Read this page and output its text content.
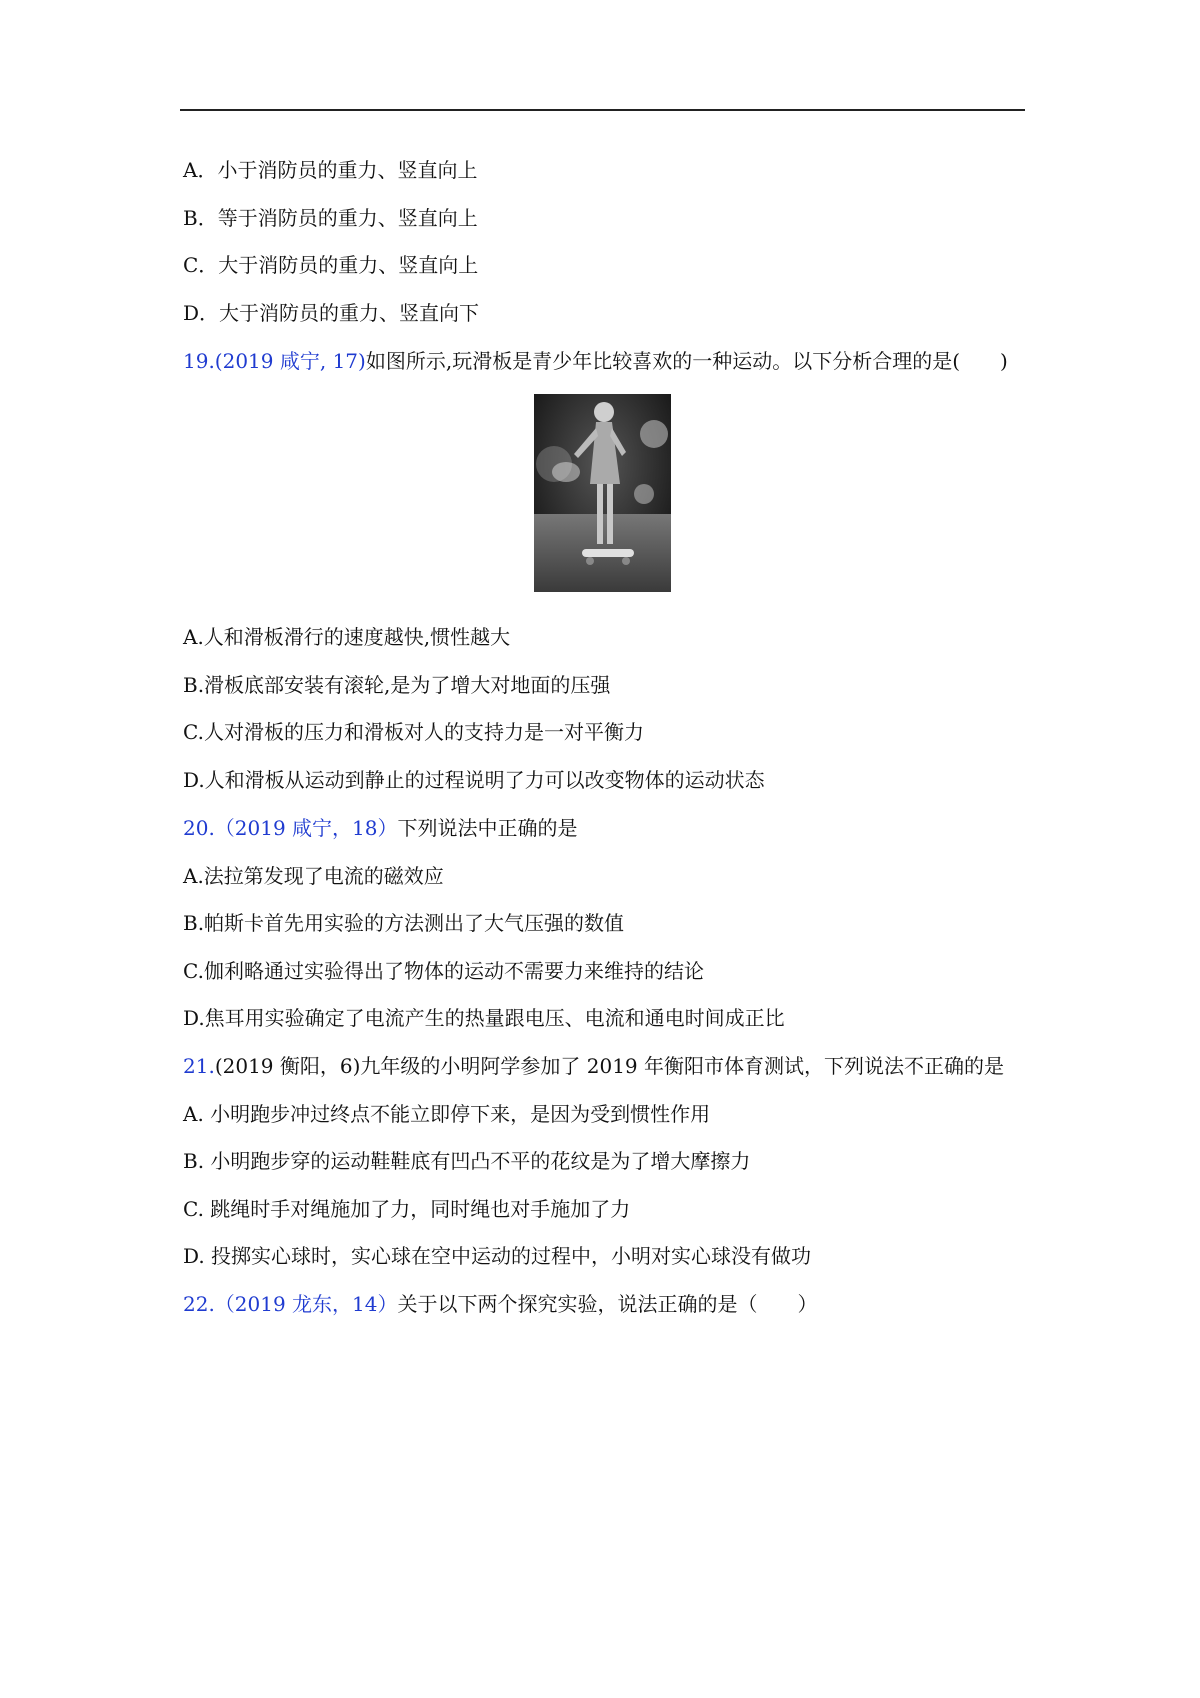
A．小于消防员的重力、竖直向上
B．等于消防员的重力、竖直向上
C．大于消防员的重力、竖直向上
D．大于消防员的重力、竖直向下
19.(2019 咸宁, 17)如图所示,玩滑板是青少年比较喜欢的一种运动。以下分析合理的是(　　)
A.人和滑板滑行的速度越快,惯性越大
B.滑板底部安装有滚轮,是为了增大对地面的压强
C.人对滑板的压力和滑板对人的支持力是一对平衡力
D.人和滑板从运动到静止的过程说明了力可以改变物体的运动状态
20.（2019 咸宁，18）下列说法中正确的是
A.法拉第发现了电流的磁效应
B.帕斯卡首先用实验的方法测出了大气压强的数值
C.伽利略通过实验得出了物体的运动不需要力来维持的结论
D.焦耳用实验确定了电流产生的热量跟电压、电流和通电时间成正比
21.(2019 衡阳，6)九年级的小明阿学参加了 2019 年衡阳市体育测试，下列说法不正确的是
A. 小明跑步冲过终点不能立即停下来，是因为受到惯性作用
B. 小明跑步穿的运动鞋鞋底有凹凸不平的花纹是为了增大摩擦力
C. 跳绳时手对绳施加了力，同时绳也对手施加了力
D. 投掷实心球时，实心球在空中运动的过程中，小明对实心球没有做功
22.（2019 龙东，14）关于以下两个探究实验，说法正确的是（　　）
